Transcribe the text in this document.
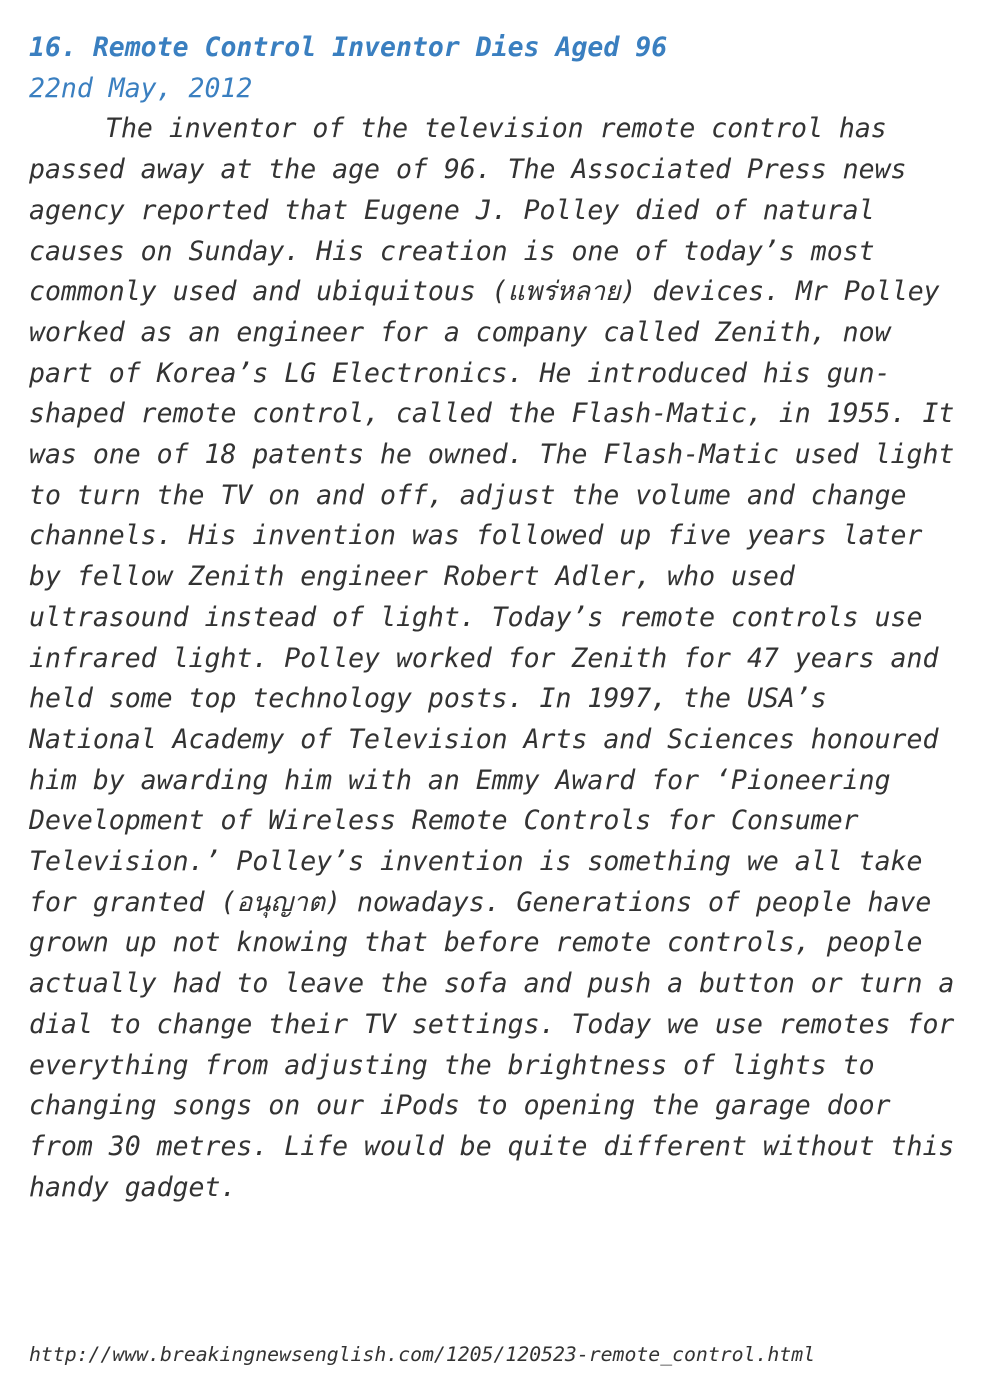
16. Remote Control Inventor Dies Aged 96
22nd May, 2012

The inventor of the television remote control has passed away at the age of 96. The Associated Press news agency reported that Eugene J. Polley died of natural causes on Sunday. His creation is one of today’s most commonly used and ubiquitous (แพร่หลาย) devices. Mr Polley worked as an engineer for a company called Zenith, now part of Korea’s LG Electronics. He introduced his gun-shaped remote control, called the Flash-Matic, in 1955. It was one of 18 patents he owned. The Flash-Matic used light to turn the TV on and off, adjust the volume and change channels. His invention was followed up five years later by fellow Zenith engineer Robert Adler, who used ultrasound instead of light. Today’s remote controls use infrared light. Polley worked for Zenith for 47 years and held some top technology posts. In 1997, the USA’s National Academy of Television Arts and Sciences honoured him by awarding him with an Emmy Award for ‘Pioneering Development of Wireless Remote Controls for Consumer Television.’ Polley’s invention is something we all take for granted (อนุญาต) nowadays. Generations of people have grown up not knowing that before remote controls, people actually had to leave the sofa and push a button or turn a dial to change their TV settings. Today we use remotes for everything from adjusting the brightness of lights to changing songs on our iPods to opening the garage door from 30 metres. Life would be quite different without this handy gadget.

http://www.breakingnewsenglish.com/1205/120523-remote_control.html
